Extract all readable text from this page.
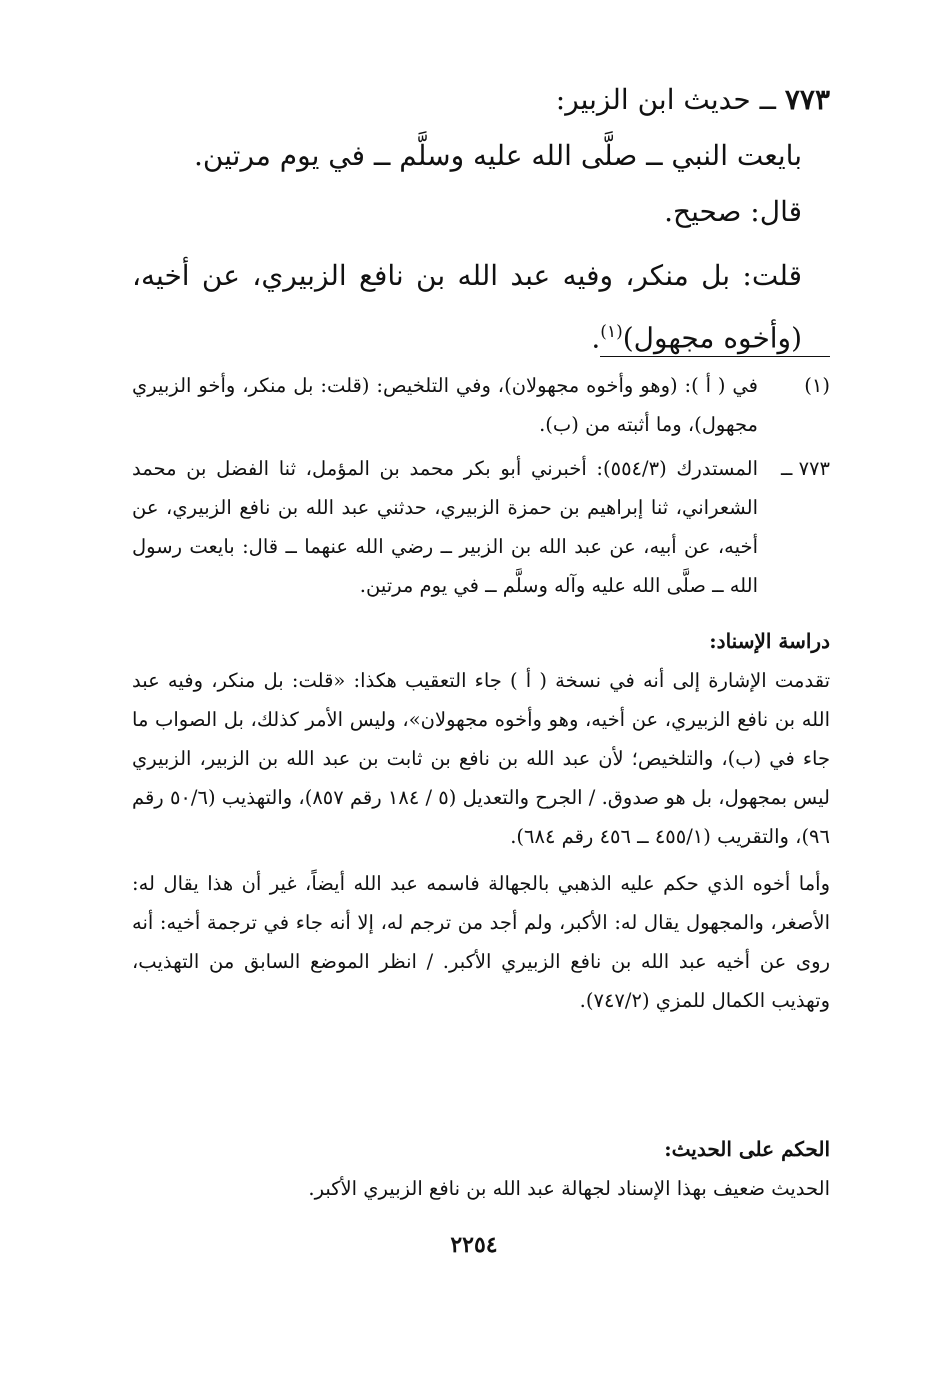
٧٧٣ ــ حديث ابن الزبير:
بايعت النبي ــ صلَّى الله عليه وسلَّم ــ في يوم مرتين.
قال: صحيح.
قلت: بل منكر، وفيه عبد الله بن نافع الزبيري، عن أخيه، (وأخوه مجهول)$^{(١)}$.
(١)
في ( أ ): (وهو وأخوه مجهولان)، وفي التلخيص: (قلت: بل منكر، وأخو الزبيري مجهول)، وما أثبته من (ب).
٧٧٣ ــ
المستدرك (٥٥٤/٣): أخبرني أبو بكر محمد بن المؤمل، ثنا الفضل بن محمد الشعراني، ثنا إبراهيم بن حمزة الزبيري، حدثني عبد الله بن نافع الزبيري، عن أخيه، عن أبيه، عن عبد الله بن الزبير ــ رضي الله عنهما ــ قال: بايعت رسول الله ــ صلَّى الله عليه وآله وسلَّم ــ في يوم مرتين.
دراسة الإسناد:
تقدمت الإشارة إلى أنه في نسخة ( أ ) جاء التعقيب هكذا: «قلت: بل منكر، وفيه عبد الله بن نافع الزبيري، عن أخيه، وهو وأخوه مجهولان»، وليس الأمر كذلك، بل الصواب ما جاء في (ب)، والتلخيص؛ لأن عبد الله بن نافع بن ثابت بن عبد الله بن الزبير، الزبيري ليس بمجهول، بل هو صدوق. / الجرح والتعديل (٥ / ١٨٤ رقم ٨٥٧)، والتهذيب (٥٠/٦ رقم ٩٦)، والتقريب (٤٥٥/١ ــ ٤٥٦ رقم ٦٨٤).
وأما أخوه الذي حكم عليه الذهبي بالجهالة فاسمه عبد الله أيضاً، غير أن هذا يقال له: الأصغر، والمجهول يقال له: الأكبر، ولم أجد من ترجم له، إلا أنه جاء في ترجمة أخيه: أنه روى عن أخيه عبد الله بن نافع الزبيري الأكبر. / انظر الموضع السابق من التهذيب، وتهذيب الكمال للمزي (٧٤٧/٢).
الحكم على الحديث:
الحديث ضعيف بهذا الإسناد لجهالة عبد الله بن نافع الزبيري الأكبر.
٢٢٥٤
